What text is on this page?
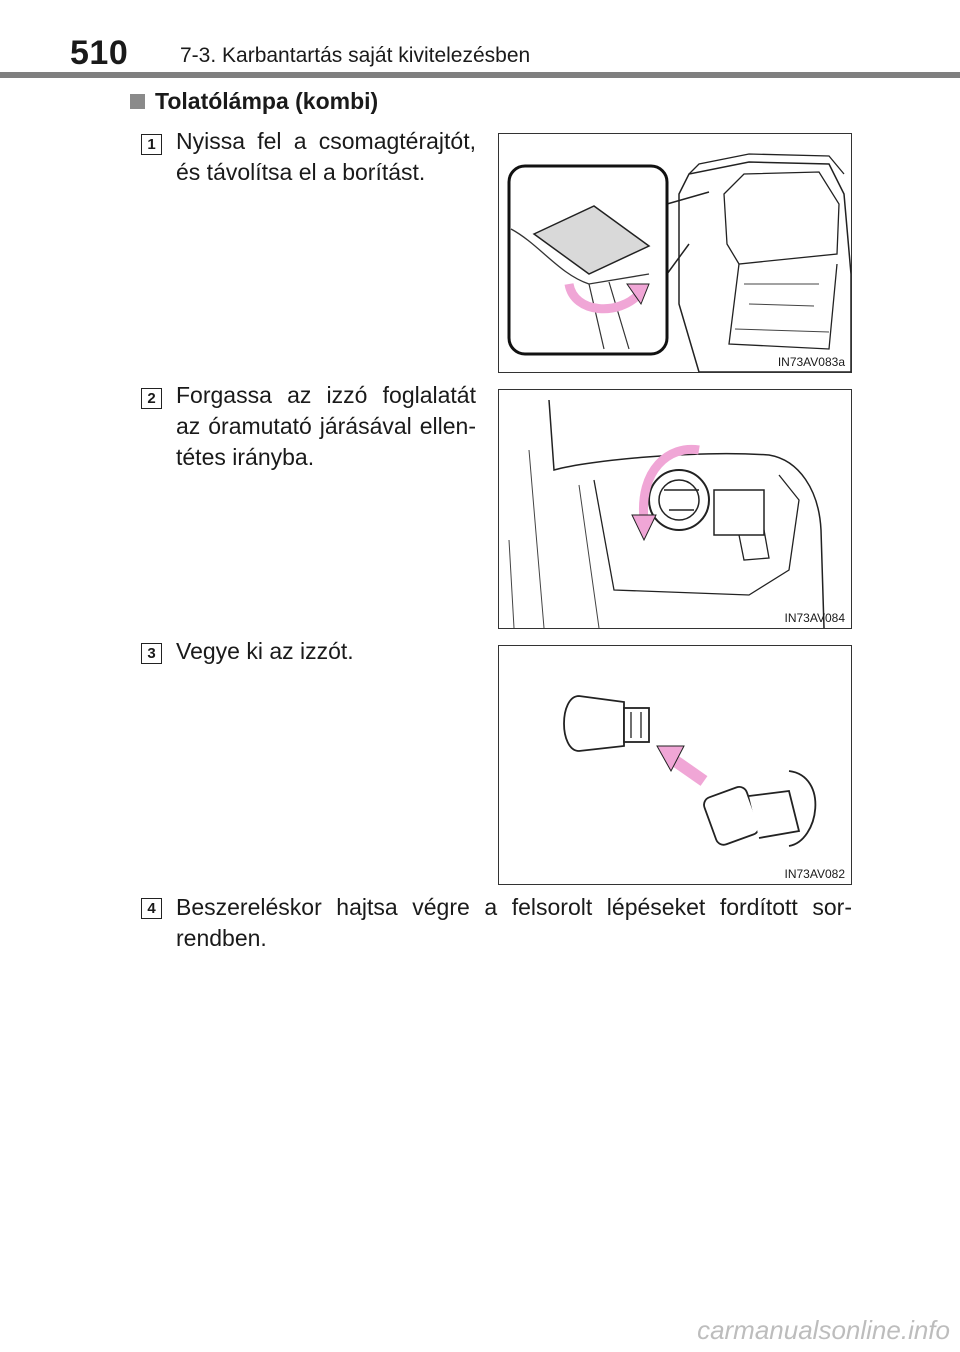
510 7-3. Karbantartás saját kivitelezésben
Tolatólámpa (kombi)
1 Nyissa fel a csomagtérajtót, és távolítsa el a borítást.
IN73AV083a
2 Forgassa az izzó foglalatát az óramutató járásával ellen- tétes irányba.
IN73AV084
3 Vegye ki az izzót.
IN73AV082
4 Beszereléskor hajtsa végre a felsorolt lépéseket fordított sor- rendben.
carmanualsonline.info
